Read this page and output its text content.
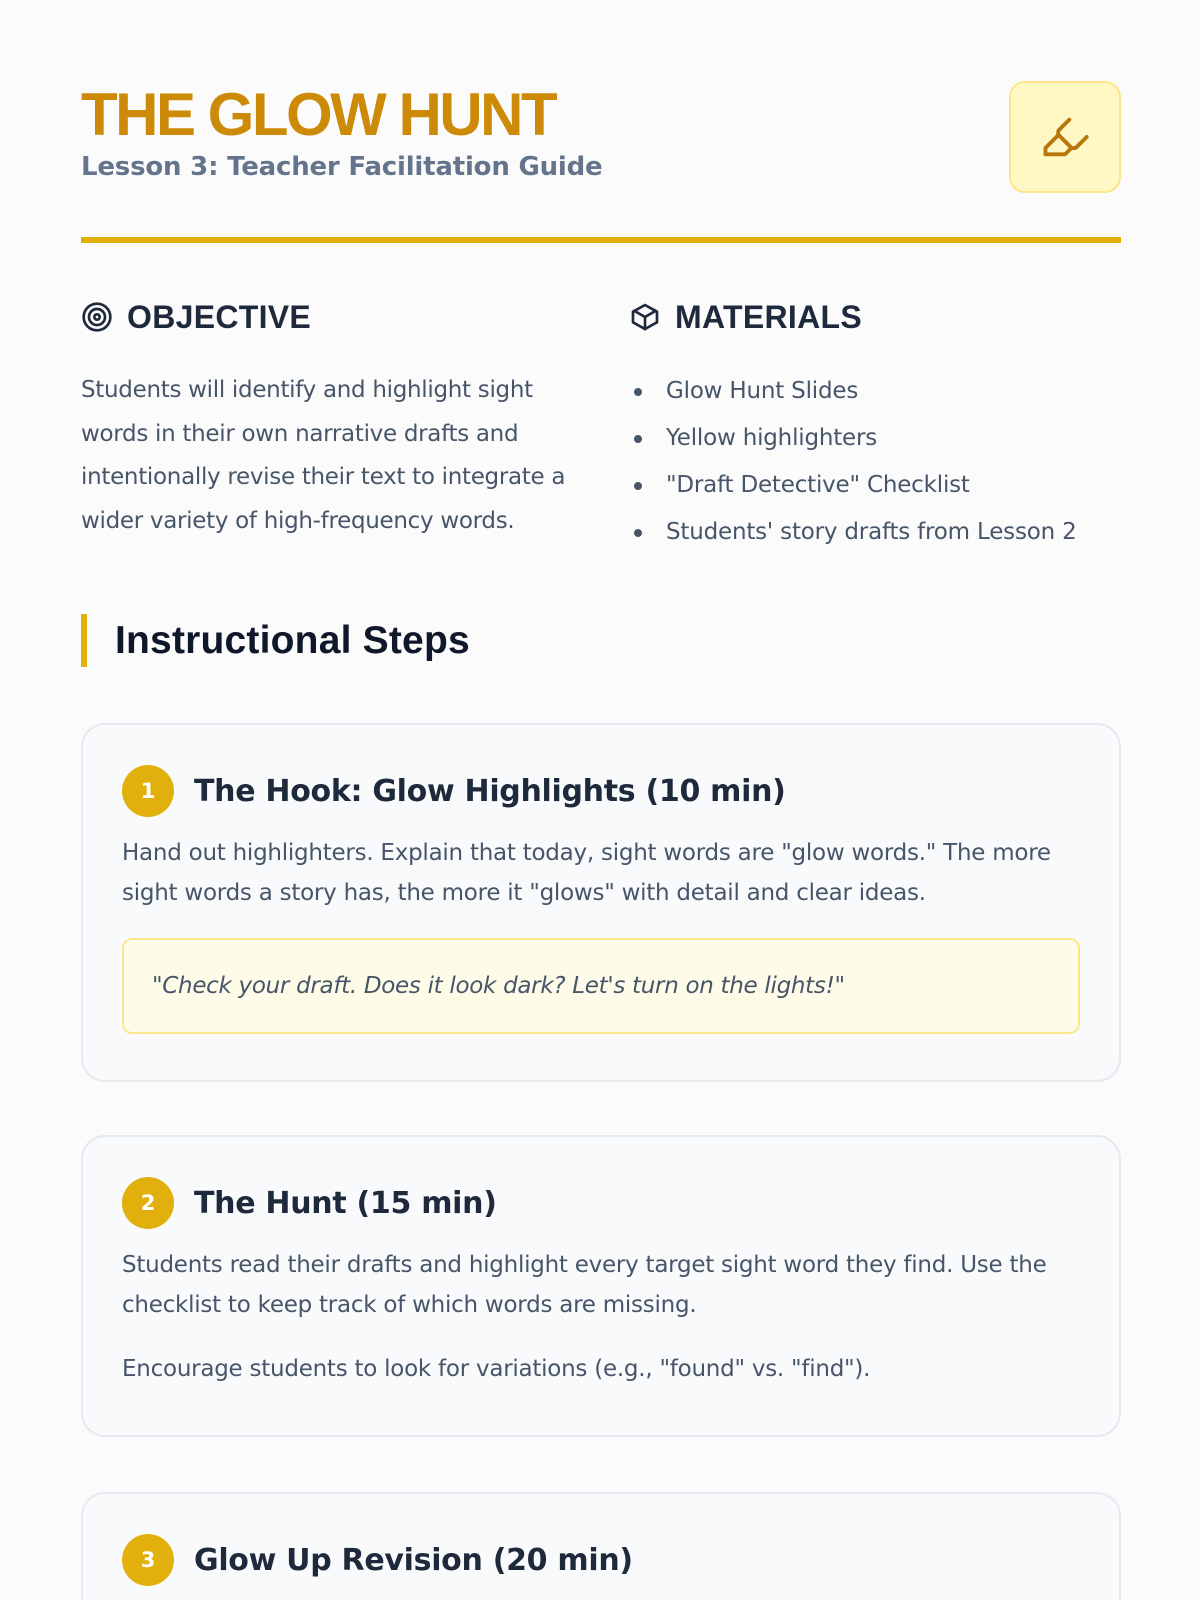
THE GLOW HUNT
Lesson 3: Teacher Facilitation Guide
OBJECTIVE

Students will identify and highlight sight words in their own narrative drafts and intentionally revise their text to integrate a wider variety of high-frequency words.

MATERIALS
Glow Hunt Slides
Yellow highlighters
"Draft Detective" Checklist
Students' story drafts from Lesson 2
Instructional Steps
1	The Hook: Glow Highlights (10 min)

Hand out highlighters. Explain that today, sight words are "glow words." The more sight words a story has, the more it "glows" with detail and clear ideas.

"Check your draft. Does it look dark? Let's turn on the lights!"
2	The Hunt (15 min)

Students read their drafts and highlight every target sight word they find. Use the checklist to keep track of which words are missing.

Encourage students to look for variations (e.g., "found" vs. "find").

3	Glow Up Revision (20 min)
